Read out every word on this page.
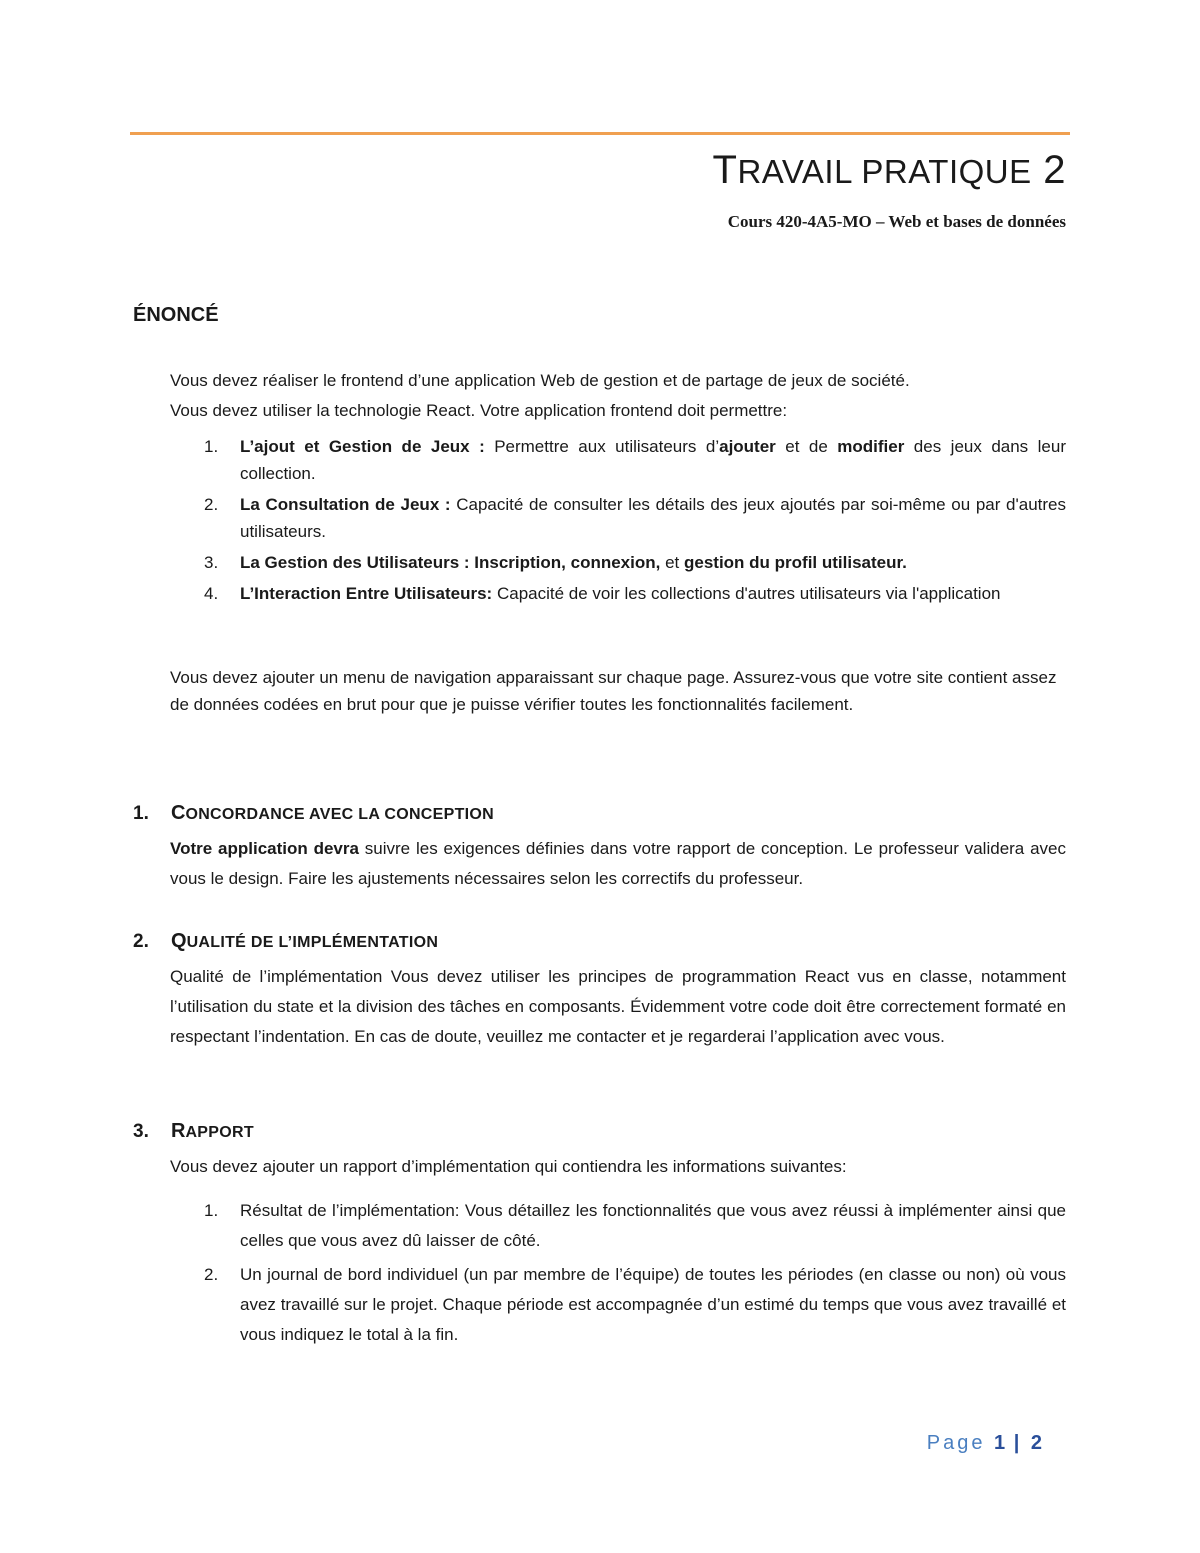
TRAVAIL PRATIQUE 2
Cours 420-4A5-MO – Web et bases de données
ÉNONCÉ

Vous devez réaliser le frontend d’une application Web de gestion et de partage de jeux de société.

Vous devez utiliser la technologie React. Votre application frontend doit permettre:

1. L’ajout et Gestion de Jeux : Permettre aux utilisateurs d’ajouter et de modifier des jeux dans leur collection.
2. La Consultation de Jeux : Capacité de consulter les détails des jeux ajoutés par soi-même ou par d'autres utilisateurs.
3. La Gestion des Utilisateurs : Inscription, connexion, et gestion du profil utilisateur.
4. L’Interaction Entre Utilisateurs: Capacité de voir les collections d'autres utilisateurs via l'application

Vous devez ajouter un menu de navigation apparaissant sur chaque page. Assurez-vous que votre site contient assez de données codées en brut pour que je puisse vérifier toutes les fonctionnalités facilement.

1. CONCORDANCE AVEC LA CONCEPTION

Votre application devra suivre les exigences définies dans votre rapport de conception. Le professeur validera avec vous le design. Faire les ajustements nécessaires selon les correctifs du professeur.

2. QUALITÉ DE L’IMPLÉMENTATION

Qualité de l’implémentation Vous devez utiliser les principes de programmation React vus en classe, notamment l’utilisation du state et la division des tâches en composants. Évidemment votre code doit être correctement formaté en respectant l’indentation. En cas de doute, veuillez me contacter et je regarderai l’application avec vous.

3. RAPPORT

Vous devez ajouter un rapport d’implémentation qui contiendra les informations suivantes:

1. Résultat de l’implémentation: Vous détaillez les fonctionnalités que vous avez réussi à implémenter ainsi que celles que vous avez dû laisser de côté.
2. Un journal de bord individuel (un par membre de l’équipe) de toutes les périodes (en classe ou non) où vous avez travaillé sur le projet. Chaque période est accompagnée d’un estimé du temps que vous avez travaillé et vous indiquez le total à la fin.
Page 1 | 2
